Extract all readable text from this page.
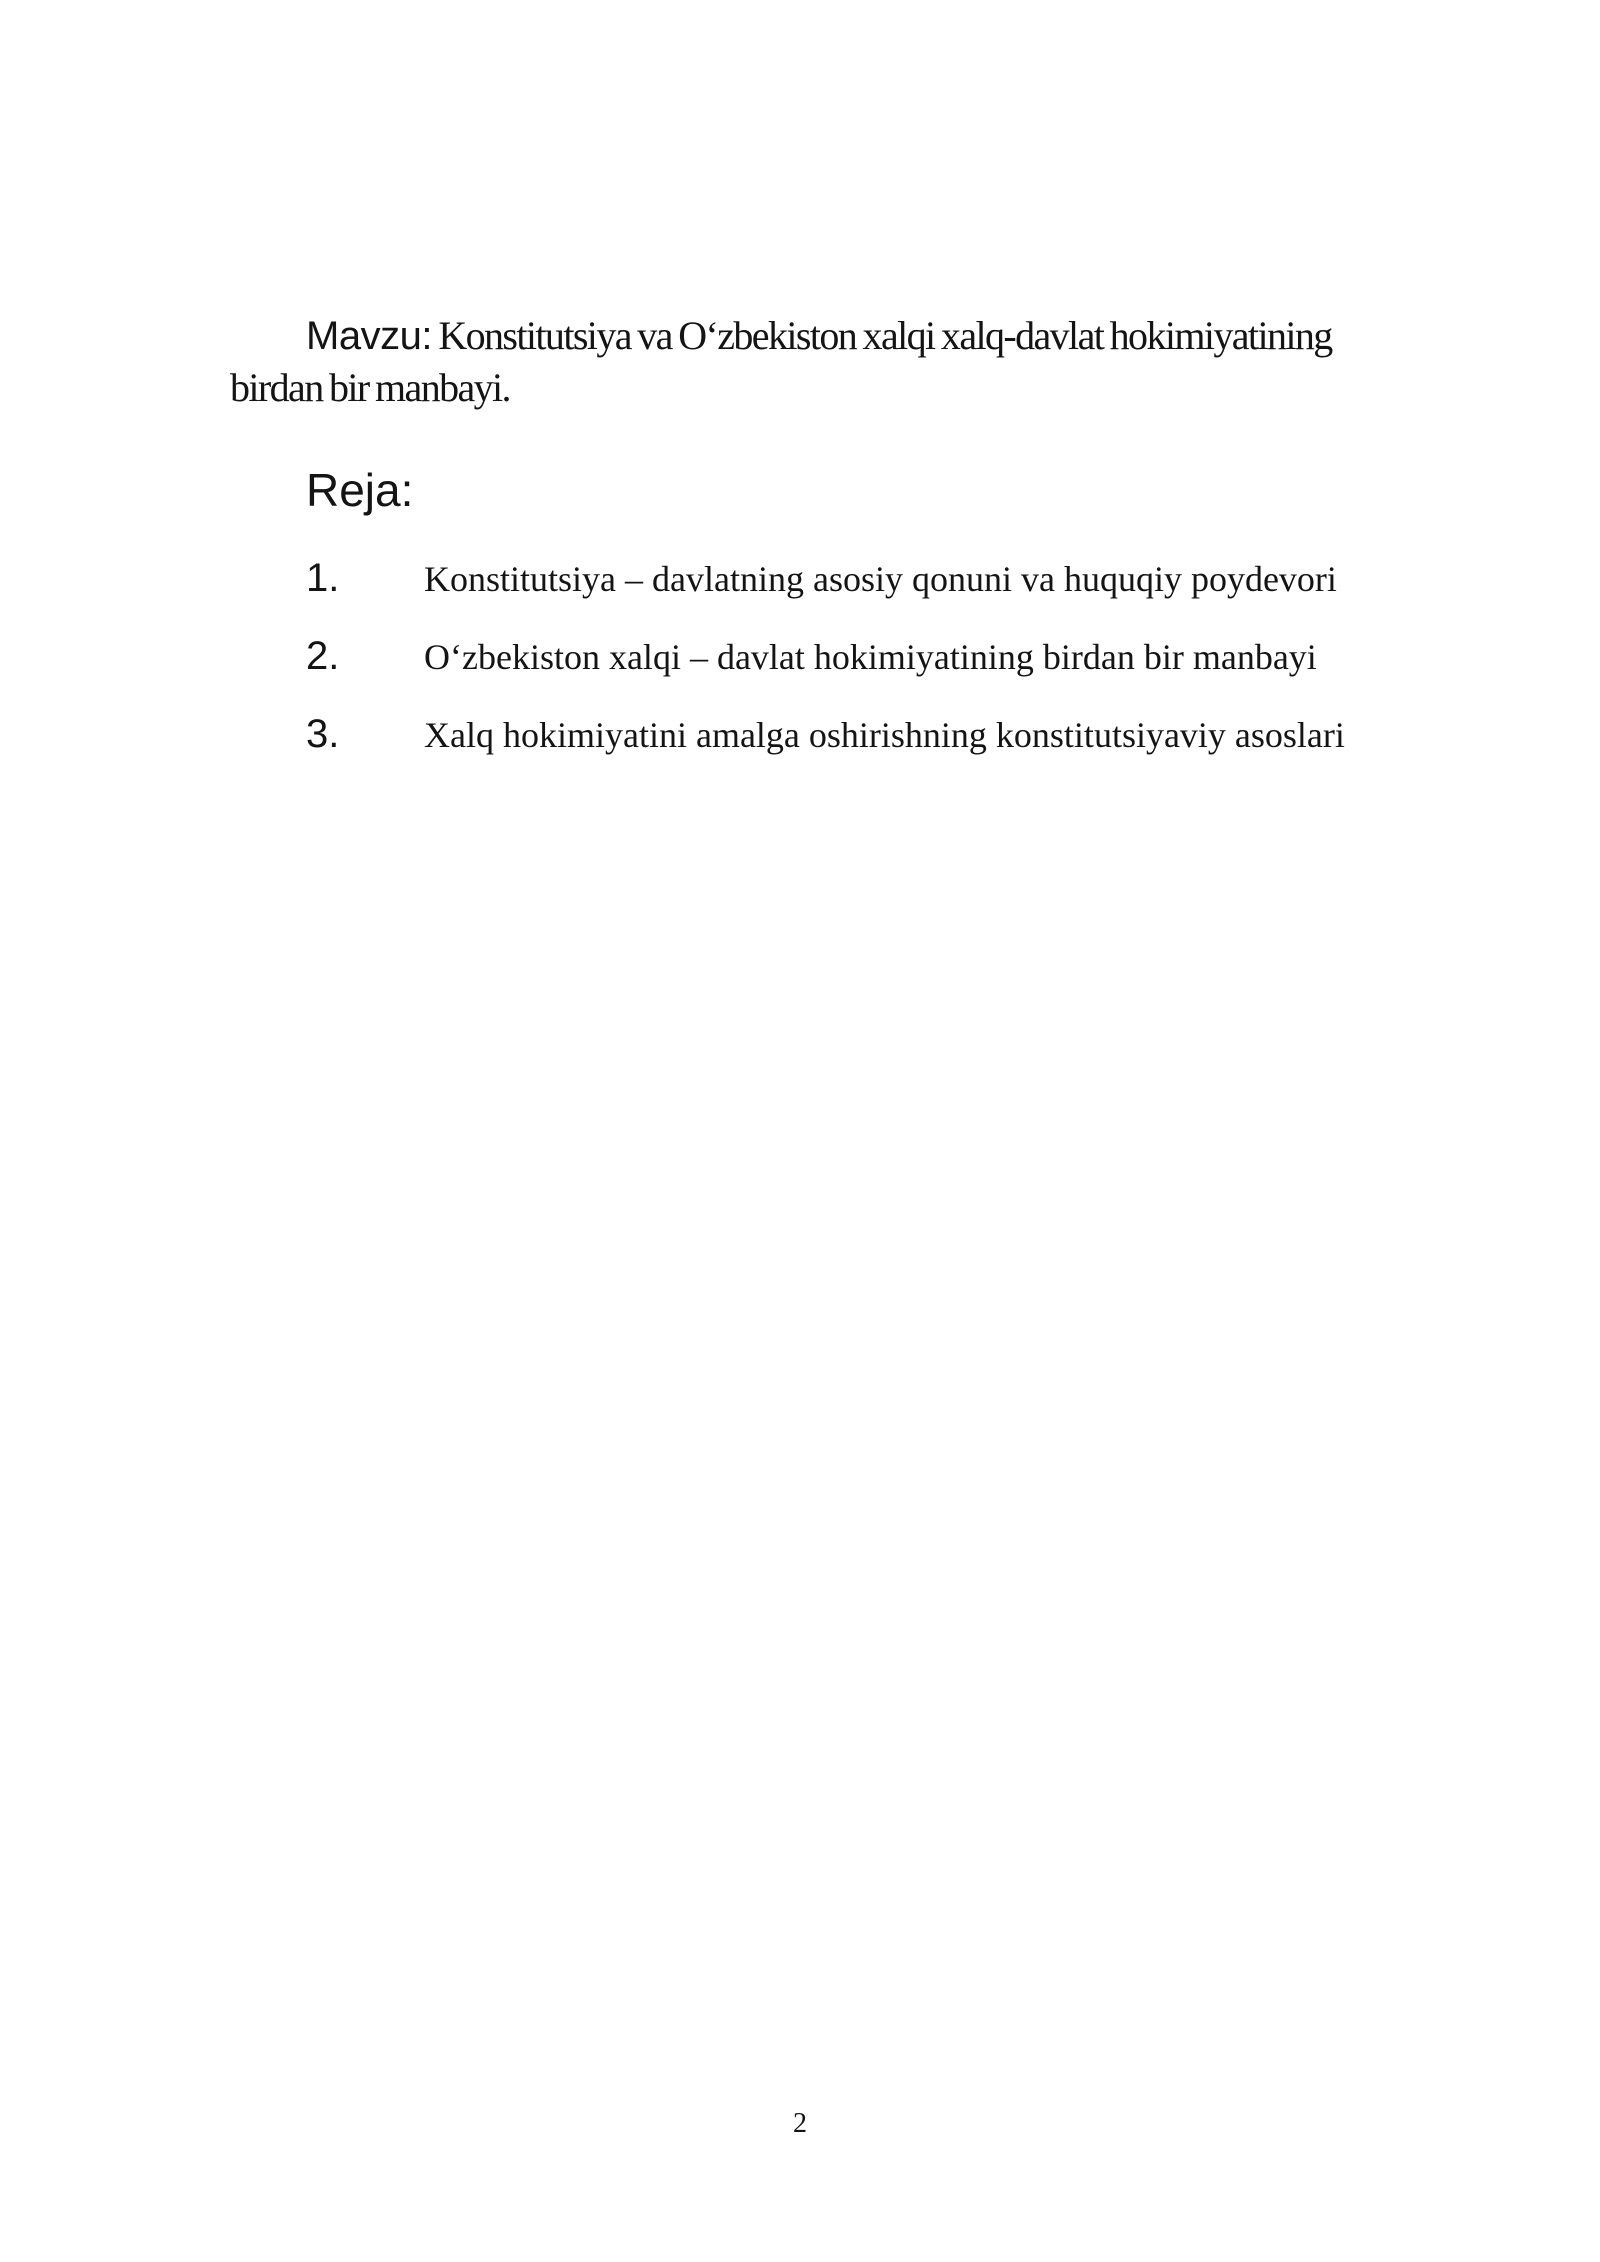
Mavzu: Konstitutsiya va O‘zbekiston xalqi xalq-davlat hokimiyatining birdan bir manbayi.

Reja:
1.	Konstitutsiya – davlatning asosiy qonuni va huquqiy poydevori
2.	O‘zbekiston xalqi – davlat hokimiyatining birdan bir manbayi
3.	Xalq hokimiyatini amalga oshirishning konstitutsiyaviy asoslari
2
